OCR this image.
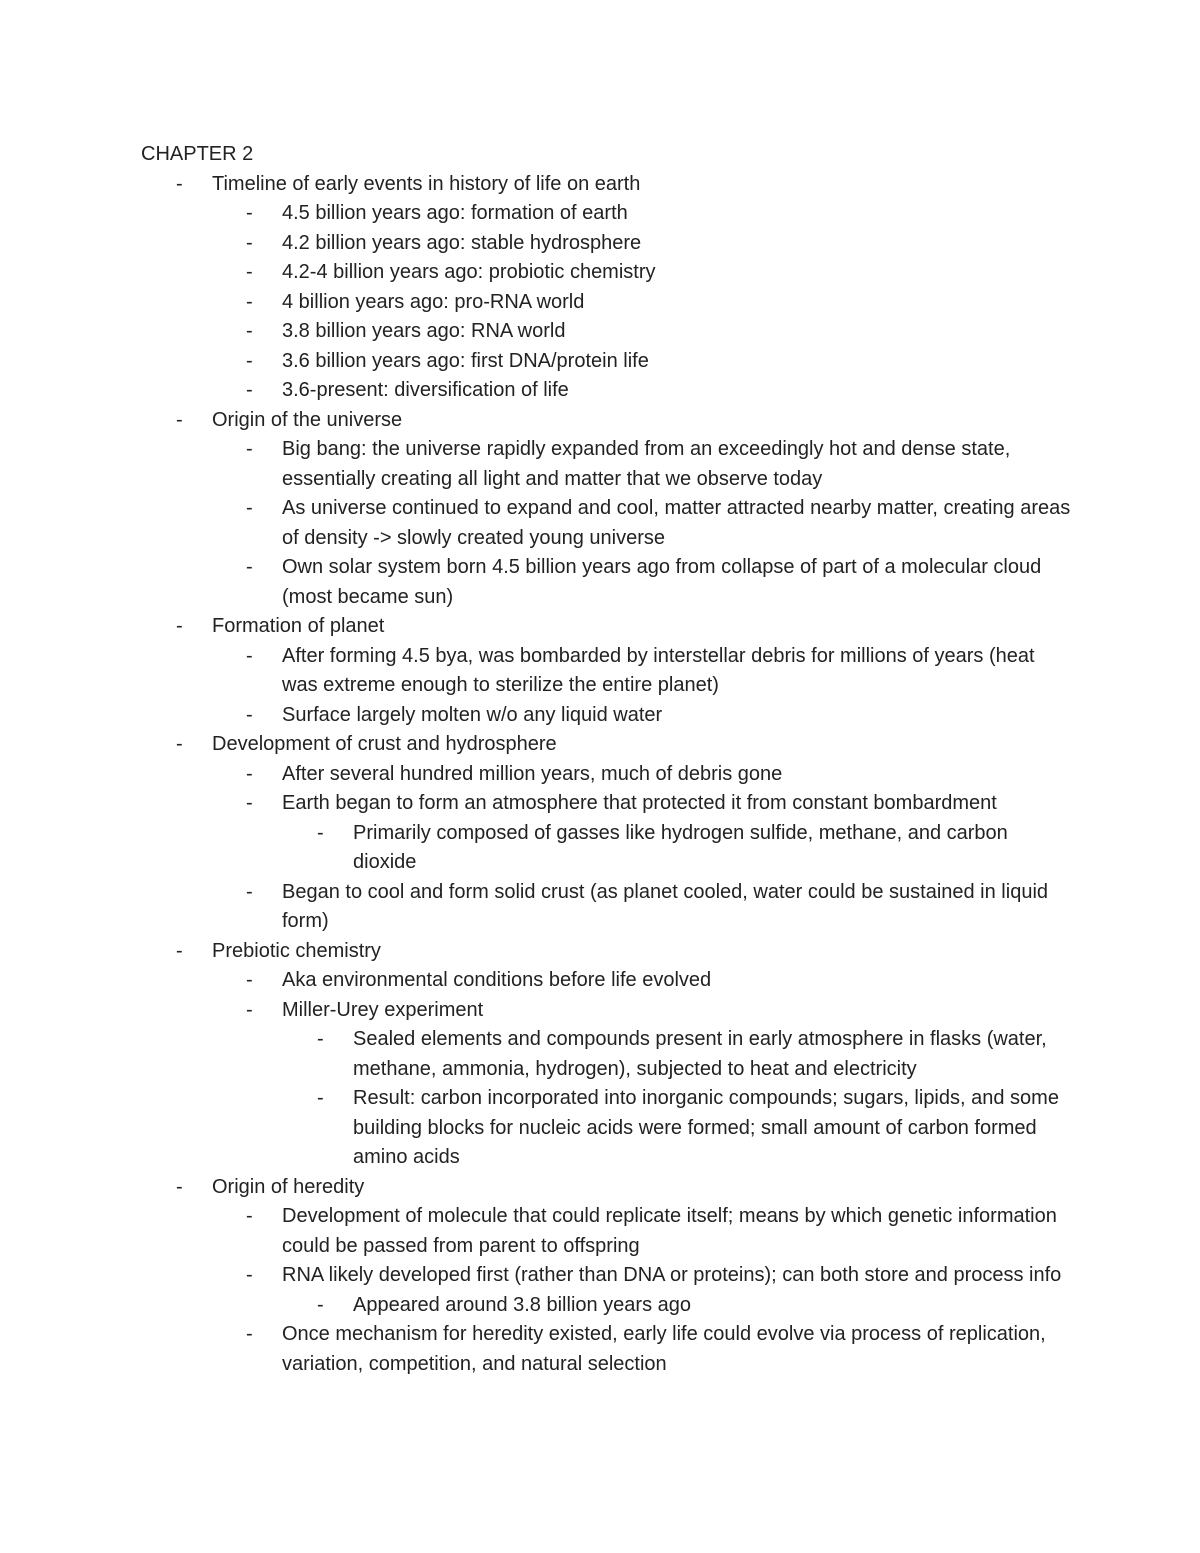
CHAPTER 2
- Timeline of early events in history of life on earth
- 4.5 billion years ago: formation of earth
- 4.2 billion years ago: stable hydrosphere
- 4.2-4 billion years ago: probiotic chemistry
- 4 billion years ago: pro-RNA world
- 3.8 billion years ago: RNA world
- 3.6 billion years ago: first DNA/protein life
- 3.6-present: diversification of life
- Origin of the universe
- Big bang: the universe rapidly expanded from an exceedingly hot and dense state, essentially creating all light and matter that we observe today
- As universe continued to expand and cool, matter attracted nearby matter, creating areas of density -> slowly created young universe
- Own solar system born 4.5 billion years ago from collapse of part of a molecular cloud (most became sun)
- Formation of planet
- After forming 4.5 bya, was bombarded by interstellar debris for millions of years (heat was extreme enough to sterilize the entire planet)
- Surface largely molten w/o any liquid water
- Development of crust and hydrosphere
- After several hundred million years, much of debris gone
- Earth began to form an atmosphere that protected it from constant bombardment
- Primarily composed of gasses like hydrogen sulfide, methane, and carbon dioxide
- Began to cool and form solid crust (as planet cooled, water could be sustained in liquid form)
- Prebiotic chemistry
- Aka environmental conditions before life evolved
- Miller-Urey experiment
- Sealed elements and compounds present in early atmosphere in flasks (water, methane, ammonia, hydrogen), subjected to heat and electricity
- Result: carbon incorporated into inorganic compounds; sugars, lipids, and some building blocks for nucleic acids were formed; small amount of carbon formed amino acids
- Origin of heredity
- Development of molecule that could replicate itself; means by which genetic information could be passed from parent to offspring
- RNA likely developed first (rather than DNA or proteins); can both store and process info
- Appeared around 3.8 billion years ago
- Once mechanism for heredity existed, early life could evolve via process of replication, variation, competition, and natural selection
